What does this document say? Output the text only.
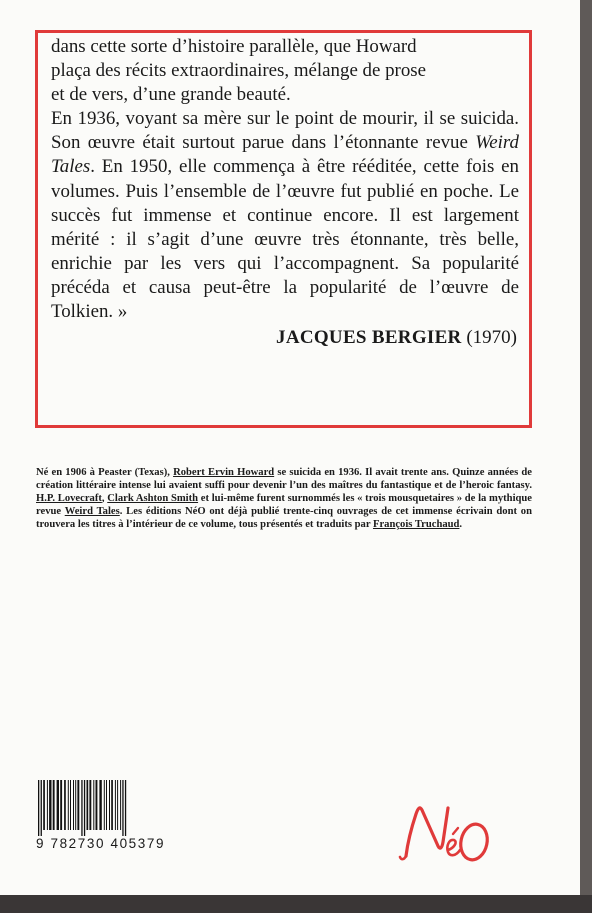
dans cette sorte d’histoire parallèle, que Howard

plaça des récits extraordinaires, mélange de prose

et de vers, d’une grande beauté.

En 1936, voyant sa mère sur le point de mourir, il se suicida. Son œuvre était surtout parue dans l’étonnante revue Weird Tales. En 1950, elle commença à être rééditée, cette fois en volumes. Puis l’ensemble de l’œuvre fut publié en poche. Le succès fut immense et continue encore. Il est largement mérité : il s’agit d’une œuvre très étonnante, très belle, enrichie par les vers qui l’accompagnent. Sa popularité précéda et causa peut-être la popularité de l’œuvre de Tolkien. »

JACQUES BERGIER (1970)
Né en 1906 à Peaster (Texas), Robert Ervin Howard se suicida en 1936. Il avait trente ans. Quinze années de création littéraire intense lui avaient suffi pour devenir l’un des maîtres du fantastique et de l’heroic fantasy. H.P. Lovecraft, Clark Ashton Smith et lui-même furent surnommés les « trois mousquetaires » de la mythique revue Weird Tales. Les éditions NéO ont déjà publié trente-cinq ouvrages de cet immense écrivain dont on trouvera les titres à l’intérieur de ce volume, tous présentés et traduits par François Truchaud.
9 782730 405379
